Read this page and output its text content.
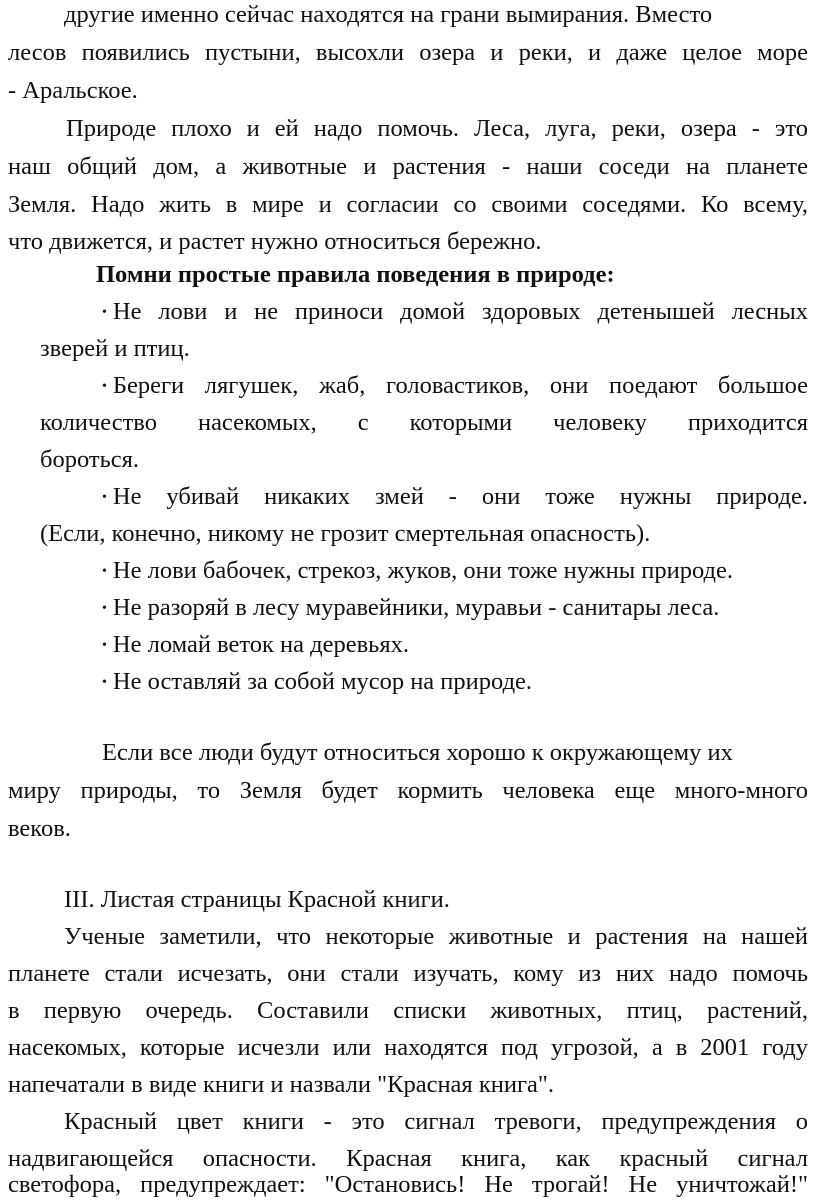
другие именно сейчас находятся на грани вымирания. Вместо
лесов появились пустыни, высохли озера и реки, и даже целое море
- Аральское.
Природе плохо и ей надо помочь. Леса, луга, реки, озера - это
наш общий дом, а животные и растения - наши соседи на планете
Земля. Надо жить в мире и согласии со своими соседями. Ко всему,
что движется, и растет нужно относиться бережно.
Помни простые правила поведения в природе:
• Не лови и не приноси домой здоровых детенышей лесных
зверей и птиц.
• Береги лягушек, жаб, головастиков, они поедают большое
количество насекомых, с которыми человеку приходится
бороться.
• Не убивай никаких змей - они тоже нужны природе.
(Если, конечно, никому не грозит смертельная опасность).
• Не лови бабочек, стрекоз, жуков, они тоже нужны природе.
• Не разоряй в лесу муравейники, муравьи - санитары леса.
• Не ломай веток на деревьях.
• Не оставляй за собой мусор на природе.
Если все люди будут относиться хорошо к окружающему их
миру природы, то Земля будет кормить человека еще много-много
веков.
III. Листая страницы Красной книги.
Ученые заметили, что некоторые животные и растения на нашей
планете стали исчезать, они стали изучать, кому из них надо помочь
в первую очередь. Составили списки животных, птиц, растений,
насекомых, которые исчезли или находятся под угрозой, а в 2001 году
напечатали в виде книги и назвали "Красная книга".
Красный цвет книги - это сигнал тревоги, предупреждения о
надвигающейся опасности. Красная книга, как красный сигнал
светофора, предупреждает: "Остановись! Не трогай! Не уничтожай!"
